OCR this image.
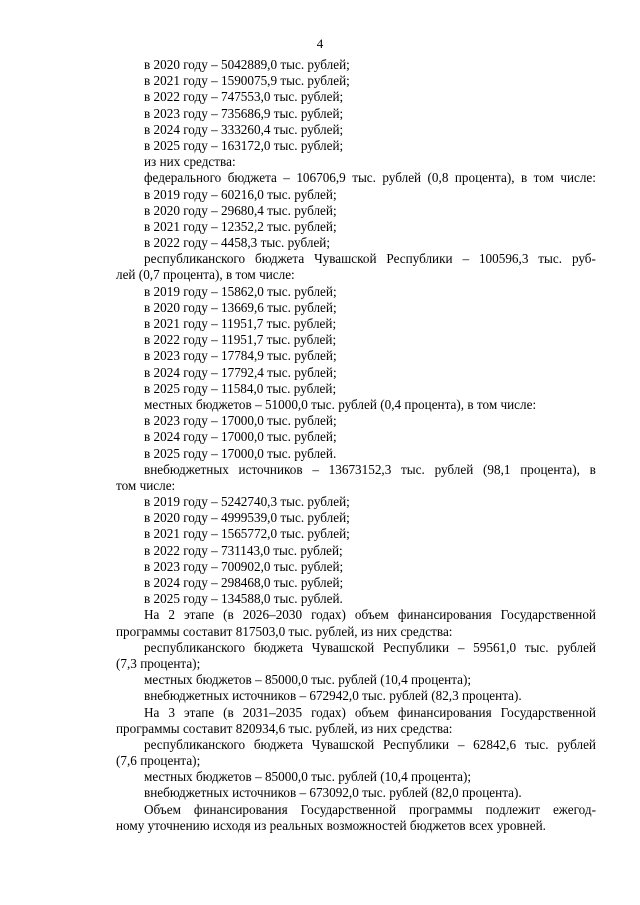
4
в 2020 году – 5042889,0 тыс. рублей;
в 2021 году – 1590075,9 тыс. рублей;
в 2022 году – 747553,0 тыс. рублей;
в 2023 году – 735686,9 тыс. рублей;
в 2024 году – 333260,4 тыс. рублей;
в 2025 году – 163172,0 тыс. рублей;
из них средства:
федерального бюджета – 106706,9 тыс. рублей (0,8 процента), в том числе:
в 2019 году – 60216,0 тыс. рублей;
в 2020 году – 29680,4 тыс. рублей;
в 2021 году – 12352,2 тыс. рублей;
в 2022 году – 4458,3 тыс. рублей;
республиканского бюджета Чувашской Республики – 100596,3 тыс. руб-
лей (0,7 процента), в том числе:
в 2019 году – 15862,0 тыс. рублей;
в 2020 году – 13669,6 тыс. рублей;
в 2021 году – 11951,7 тыс. рублей;
в 2022 году – 11951,7 тыс. рублей;
в 2023 году – 17784,9 тыс. рублей;
в 2024 году – 17792,4 тыс. рублей;
в 2025 году – 11584,0 тыс. рублей;
местных бюджетов – 51000,0 тыс. рублей (0,4 процента), в том числе:
в 2023 году – 17000,0 тыс. рублей;
в 2024 году – 17000,0 тыс. рублей;
в 2025 году – 17000,0 тыс. рублей.
внебюджетных источников – 13673152,3 тыс. рублей (98,1 процента), в
том числе:
в 2019 году – 5242740,3 тыс. рублей;
в 2020 году – 4999539,0 тыс. рублей;
в 2021 году – 1565772,0 тыс. рублей;
в 2022 году – 731143,0 тыс. рублей;
в 2023 году – 700902,0 тыс. рублей;
в 2024 году – 298468,0 тыс. рублей;
в 2025 году – 134588,0 тыс. рублей.
На 2 этапе (в 2026–2030 годах) объем финансирования Государственной
программы составит 817503,0 тыс. рублей, из них средства:
республиканского бюджета Чувашской Республики – 59561,0 тыс. рублей
(7,3 процента);
местных бюджетов – 85000,0 тыс. рублей (10,4 процента);
внебюджетных источников – 672942,0 тыс. рублей (82,3 процента).
На 3 этапе (в 2031–2035 годах) объем финансирования Государственной
программы составит 820934,6 тыс. рублей, из них средства:
республиканского бюджета Чувашской Республики – 62842,6 тыс. рублей
(7,6 процента);
местных бюджетов – 85000,0 тыс. рублей (10,4 процента);
внебюджетных источников – 673092,0 тыс. рублей (82,0 процента).
Объем финансирования Государственной программы подлежит ежегод-
ному уточнению исходя из реальных возможностей бюджетов всех уровней.
